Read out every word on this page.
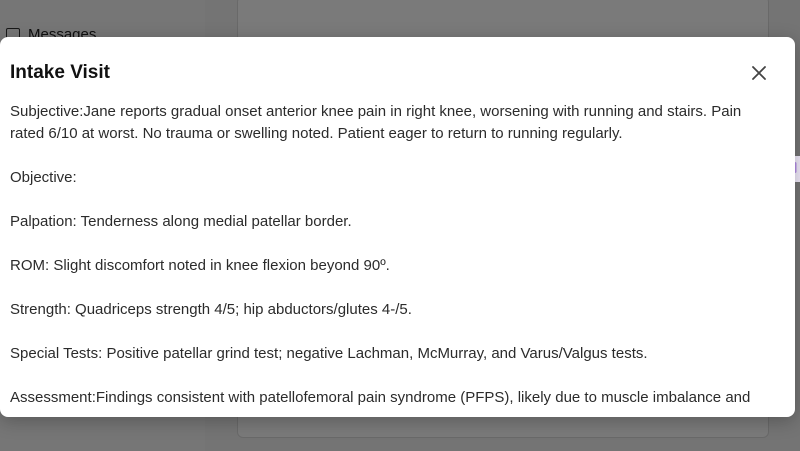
Intake Visit

Subjective:Jane reports gradual onset anterior knee pain in right knee, worsening with running and stairs. Pain rated 6/10 at worst. No trauma or swelling noted. Patient eager to return to running regularly.

Objective:

Palpation: Tenderness along medial patellar border.

ROM: Slight discomfort noted in knee flexion beyond 90º.

Strength: Quadriceps strength 4/5; hip abductors/glutes 4-/5.

Special Tests: Positive patellar grind test; negative Lachman, McMurray, and Varus/Valgus tests.

Assessment:Findings consistent with patellofemoral pain syndrome (PFPS), likely due to muscle imbalance and
